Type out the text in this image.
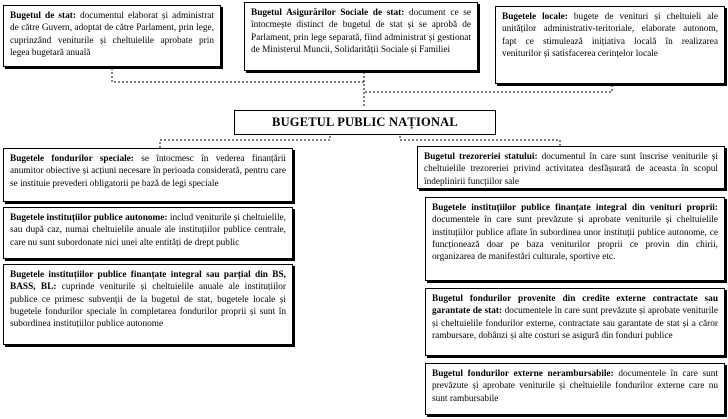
Bugetul de stat: documentul elaborat și administrat de către Guvern, adoptat de către Parlament, prin lege, cuprinzând veniturile și cheltuielile aprobate prin legea bugetară anuală
Bugetul Asigurărilor Sociale de stat: document ce se întocmește distinct de bugetul de stat și se aprobă de Parlament, prin lege separată, fiind administrat și gestionat de Ministerul Muncii, Solidarității Sociale și Familiei
Bugetele locale: bugete de venituri și cheltuieli ale unităților administrativ-teritoriale, elaborate autonom, fapt ce stimulează inițiativa locală în realizarea veniturilor și satisfacerea cerințelor locale
BUGETUL PUBLIC NAȚIONAL
Bugetele fondurilor speciale: se întocmesc în vederea finanțării anumitor obiective și acțiuni necesare în perioada considerată, pentru care se instituie prevederi obligatorii pe bază de legi speciale
Bugetele instituțiilor publice autonome: includ veniturile și cheltuielile, sau după caz, numai cheltuielile anuale ale instituțiilor publice centrale, care nu sunt subordonate nici unei alte entități de drept public
Bugetele instituțiilor publice finanțate integral sau parțial din BS, BASS, BL: cuprinde veniturile și cheltuielile anuale ale instituțiilor publice ce primesc subvenții de la bugetul de stat, bugetele locale și bugetele fondurilor speciale în completarea fondurilor proprii și sunt în subordinea instituțiilor publice autonome
Bugetul trezoreriei statului: documentul în care sunt înscrise veniturile și cheltuielile trezoreriei privind activitatea desfășurată de aceasta în scopul îndeplinirii funcțiilor sale
Bugetele instituțiilor publice finanțate integral din venituri proprii: documentele în care sunt prevăzute și aprobate veniturile și cheltuielile instituțiilor publice aflate în subordinea unor instituții publice autonome, ce funcționează doar pe baza veniturilor proprii ce provin din chirii, organizarea de manifestări culturale, sportive etc.
Bugetul fondurilor provenite din credite externe contractate sau garantate de stat: documentele în care sunt prevăzute și aprobate veniturile și cheltuielile fondurilor externe, contractate sau garantate de stat și a căror rambursare, dobânzi și alte costuri se asigură din fonduri publice
Bugetul fondurilor externe nerambursabile: documentele în care sunt prevăzute și aprobate veniturile și cheltuielile fondurilor externe care nu sunt rambursabile
